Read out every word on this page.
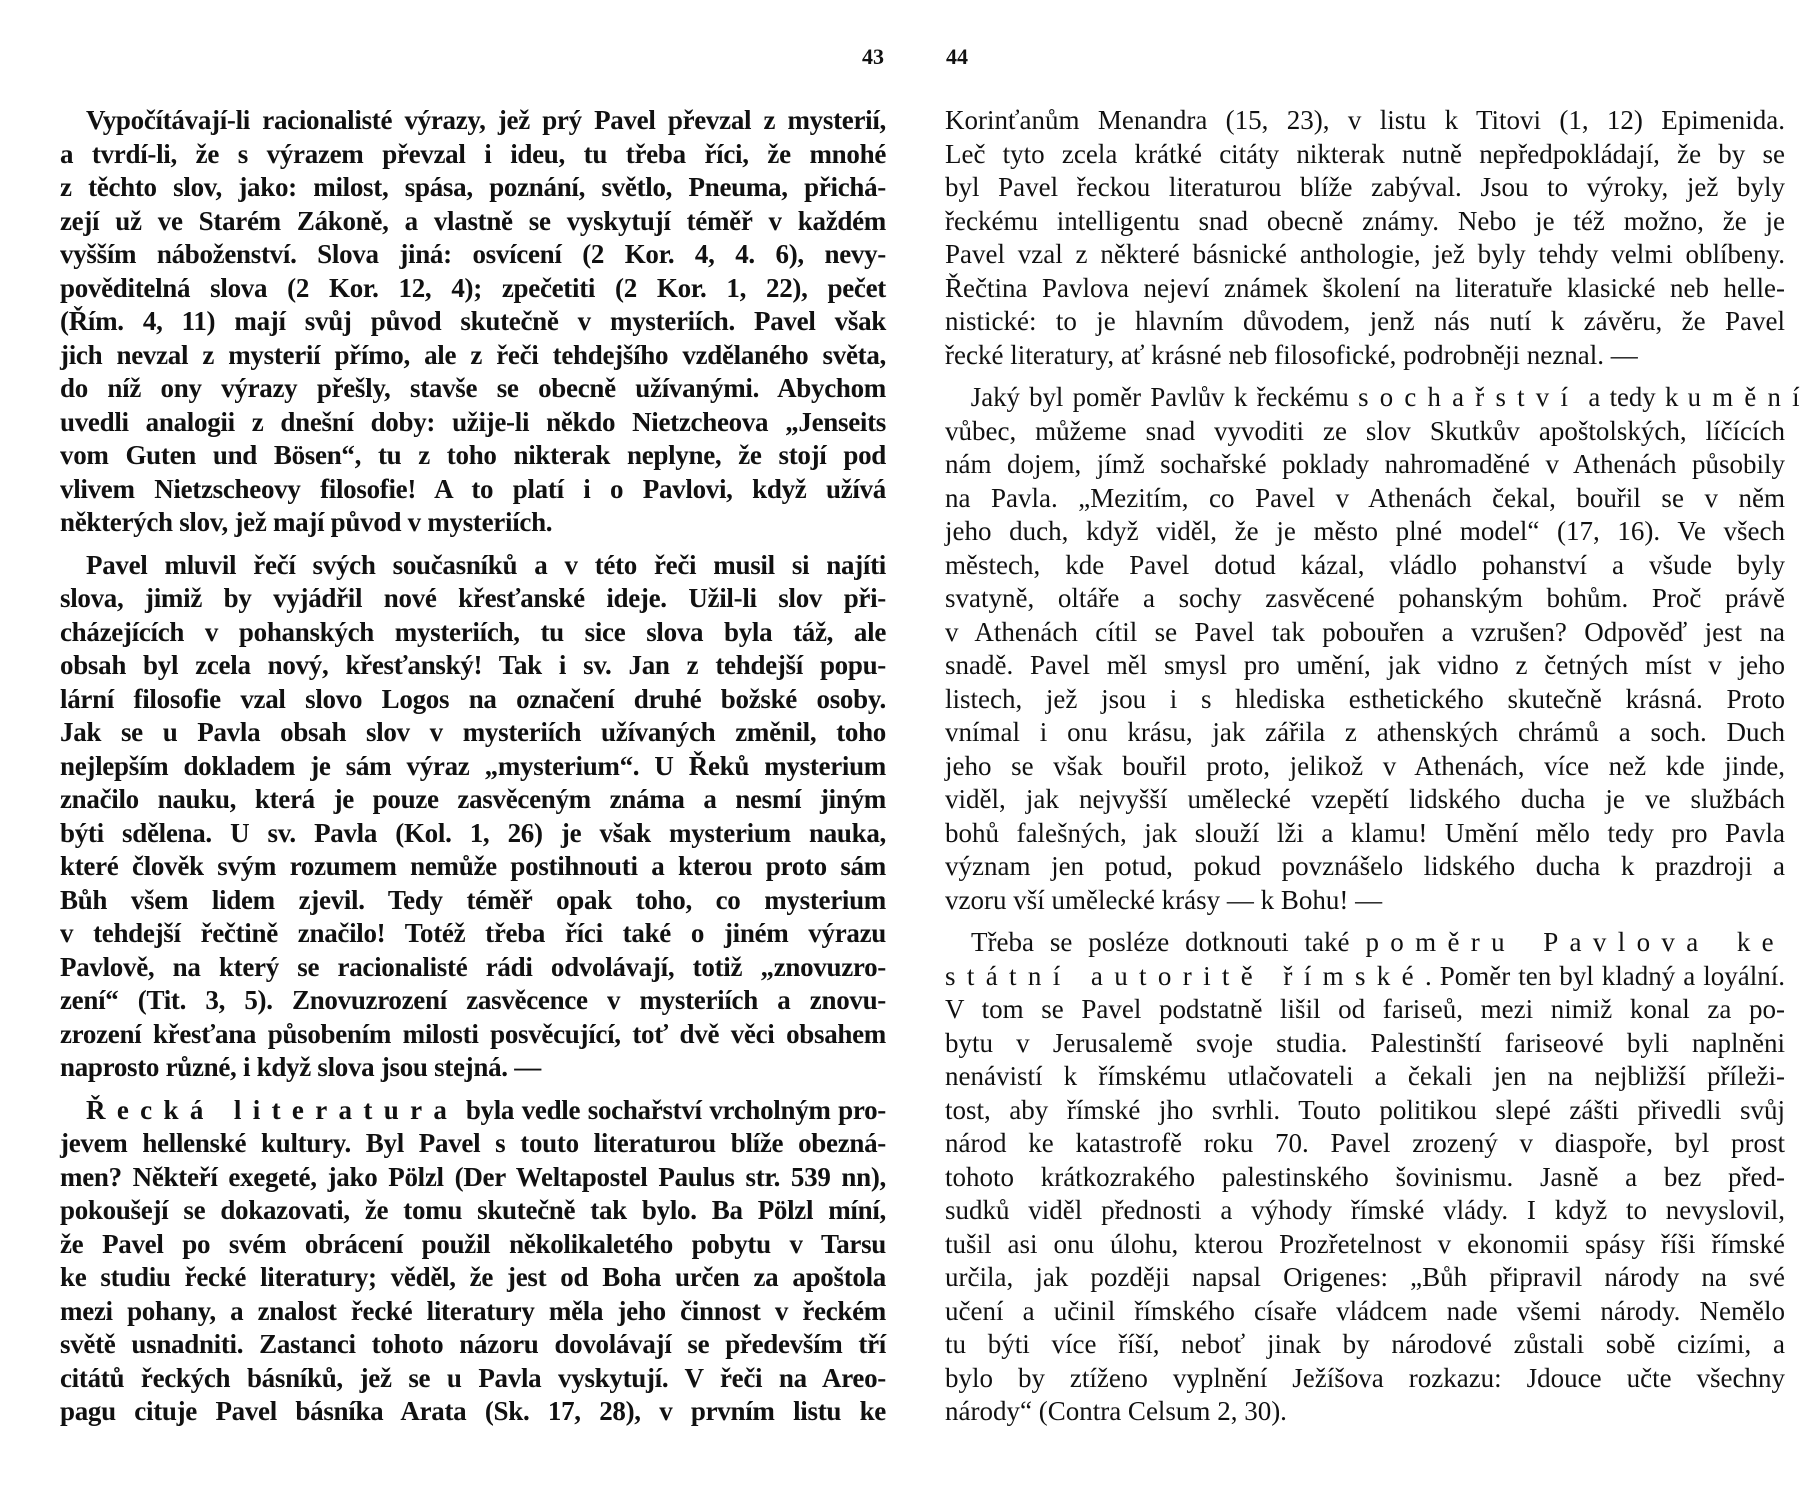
43	44
Vypočítávají-li racionalisté výrazy, jež prý Pavel převzal z mysterií,
a tvrdí-li, že s výrazem převzal i ideu, tu třeba říci, že mnohé
z těchto slov, jako: milost, spása, poznání, světlo, Pneuma, přichá-
zejí už ve Starém Zákoně, a vlastně se vyskytují téměř v každém
vyšším náboženství. Slova jiná: osvícení (2 Kor. 4, 4. 6), nevy-
pověditelná slova (2 Kor. 12, 4); zpečetiti (2 Kor. 1, 22), pečet
(Řím. 4, 11) mají svůj původ skutečně v mysteriích. Pavel však
jich nevzal z mysterií přímo, ale z řeči tehdejšího vzdělaného světa,
do níž ony výrazy přešly, stavše se obecně užívanými. Abychom
uvedli analogii z dnešní doby: užije-li někdo Nietzcheova „Jenseits
vom Guten und Bösen“, tu z toho nikterak neplyne, že stojí pod
vlivem Nietzscheovy filosofie! A to platí i o Pavlovi, když užívá
některých slov, jež mají původ v mysteriích.
Pavel mluvil řečí svých současníků a v této řeči musil si najíti
slova, jimiž by vyjádřil nové křesťanské ideje. Užil-li slov při-
cházejících v pohanských mysteriích, tu sice slova byla táž, ale
obsah byl zcela nový, křesťanský! Tak i sv. Jan z tehdejší popu-
lární filosofie vzal slovo Logos na označení druhé božské osoby.
Jak se u Pavla obsah slov v mysteriích užívaných změnil, toho
nejlepším dokladem je sám výraz „mysterium“. U Řeků mysterium
značilo nauku, která je pouze zasvěceným známa a nesmí jiným
býti sdělena. U sv. Pavla (Kol. 1, 26) je však mysterium nauka,
které člověk svým rozumem nemůže postihnouti a kterou proto sám
Bůh všem lidem zjevil. Tedy téměř opak toho, co mysterium
v tehdejší řečtině značilo! Totéž třeba říci také o jiném výrazu
Pavlově, na který se racionalisté rádi odvolávají, totiž „znovuzro-
zení“ (Tit. 3, 5). Znovuzrození zasvěcence v mysteriích a znovu-
zrození křesťana působením milosti posvěcující, toť dvě věci obsahem
naprosto různé, i když slova jsou stejná. —
Řecká literatura byla vedle sochařství vrcholným pro-
jevem hellenské kultury. Byl Pavel s touto literaturou blíže obezná-
men? Někteří exegeté, jako Pölzl (Der Weltapostel Paulus str. 539 nn),
pokoušejí se dokazovati, že tomu skutečně tak bylo. Ba Pölzl míní,
že Pavel po svém obrácení použil několikaletého pobytu v Tarsu
ke studiu řecké literatury; věděl, že jest od Boha určen za apoštola
mezi pohany, a znalost řecké literatury měla jeho činnost v řeckém
světě usnadniti. Zastanci tohoto názoru dovolávají se především tří
citátů řeckých básníků, jež se u Pavla vyskytují. V řeči na Areo-
pagu cituje Pavel básníka Arata (Sk. 17, 28), v prvním listu ke
Korinťanům Menandra (15, 23), v listu k Titovi (1, 12) Epimenida.
Leč tyto zcela krátké citáty nikterak nutně nepředpokládají, že by se
byl Pavel řeckou literaturou blíže zabýval. Jsou to výroky, jež byly
řeckému intelligentu snad obecně známy. Nebo je též možno, že je
Pavel vzal z některé básnické anthologie, jež byly tehdy velmi oblíbeny.
Řečtina Pavlova nejeví známek školení na literatuře klasické neb helle-
nistické: to je hlavním důvodem, jenž nás nutí k závěru, že Pavel
řecké literatury, ať krásné neb filosofické, podrobněji neznal. —
Jaký byl poměr Pavlův k řeckému sochařství a tedy k umění
vůbec, můžeme snad vyvoditi ze slov Skutkův apoštolských, líčících
nám dojem, jímž sochařské poklady nahromaděné v Athenách působily
na Pavla. „Mezitím, co Pavel v Athenách čekal, bouřil se v něm
jeho duch, když viděl, že je město plné model“ (17, 16). Ve všech
městech, kde Pavel dotud kázal, vládlo pohanství a všude byly
svatyně, oltáře a sochy zasvěcené pohanským bohům. Proč právě
v Athenách cítil se Pavel tak pobouřen a vzrušen? Odpověď jest na
snadě. Pavel měl smysl pro umění, jak vidno z četných míst v jeho
listech, jež jsou i s hlediska esthetického skutečně krásná. Proto
vnímal i onu krásu, jak zářila z athenských chrámů a soch. Duch
jeho se však bouřil proto, jelikož v Athenách, více než kde jinde,
viděl, jak nejvyšší umělecké vzepětí lidského ducha je ve službách
bohů falešných, jak slouží lži a klamu! Umění mělo tedy pro Pavla
význam jen potud, pokud povznášelo lidského ducha k prazdroji a
vzoru vší umělecké krásy — k Bohu! —
Třeba se posléze dotknouti také poměru Pavlova ke
státní autoritě římské. Poměr ten byl kladný a loyální.
V tom se Pavel podstatně lišil od fariseů, mezi nimiž konal za po-
bytu v Jerusalemě svoje studia. Palestinští fariseové byli naplněni
nenávistí k římskému utlačovateli a čekali jen na nejbližší příleži-
tost, aby římské jho svrhli. Touto politikou slepé zášti přivedli svůj
národ ke katastrofě roku 70. Pavel zrozený v diaspoře, byl prost
tohoto krátkozrakého palestinského šovinismu. Jasně a bez před-
sudků viděl přednosti a výhody římské vlády. I když to nevyslovil,
tušil asi onu úlohu, kterou Prozřetelnost v ekonomii spásy říši římské
určila, jak později napsal Origenes: „Bůh připravil národy na své
učení a učinil římského císaře vládcem nade všemi národy. Nemělo
tu býti více říší, neboť jinak by národové zůstali sobě cizími, a
bylo by ztíženo vyplnění Ježíšova rozkazu: Jdouce učte všechny
národy“ (Contra Celsum 2, 30).
